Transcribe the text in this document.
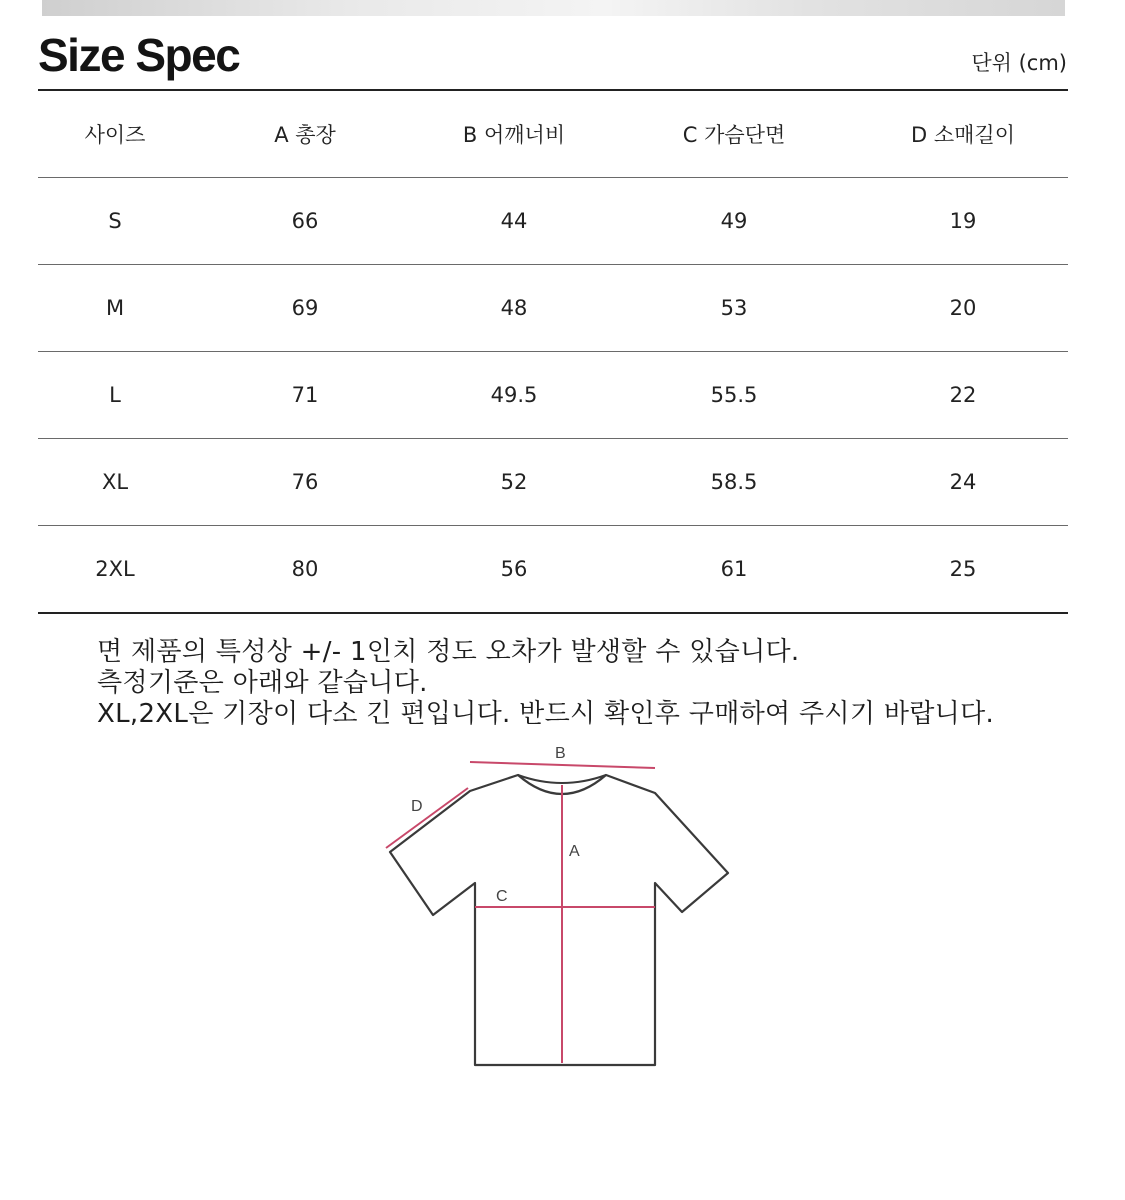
Size Spec	단위 (cm)
사이즈	A 총장	B 어깨너비	C 가슴단면	D 소매길이
S	66	44	49	19
M	69	48	53	20
L	71	49.5	55.5	22
XL	76	52	58.5	24
2XL	80	56	61	25
면 제품의 특성상 +/- 1인치 정도 오차가 발생할 수 있습니다.
측정기준은 아래와 같습니다.
XL,2XL은 기장이 다소 긴 편입니다. 반드시 확인후 구매하여 주시기 바랍니다.
B
D
A
C
